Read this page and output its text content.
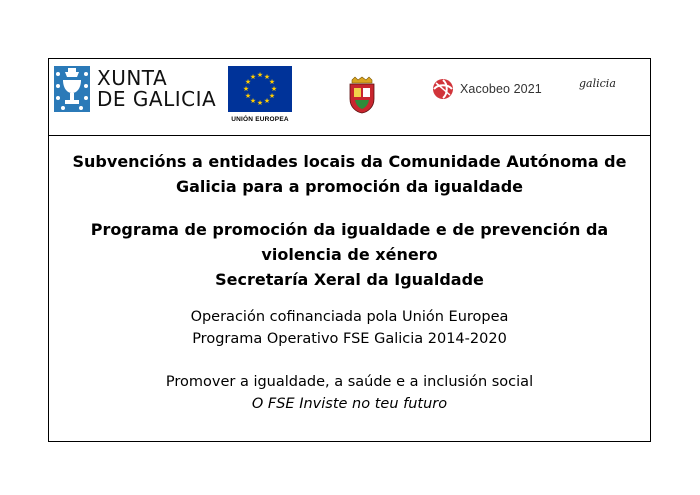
XUNTA
DE GALICIA
★ ★
★
★
★
★
★
★
★
★
★
★
UNIÓN EUROPEA
Xacobeo 2021	galicia
Subvencións a entidades locais da Comunidade Autónoma de
Galicia para a promoción da igualdade
Programa de promoción da igualdade e de prevención da
violencia de xénero
Secretaría Xeral da Igualdade
Operación cofinanciada pola Unión Europea
Programa Operativo FSE Galicia 2014-2020
Promover a igualdade, a saúde e a inclusión social
O FSE Inviste no teu futuro
